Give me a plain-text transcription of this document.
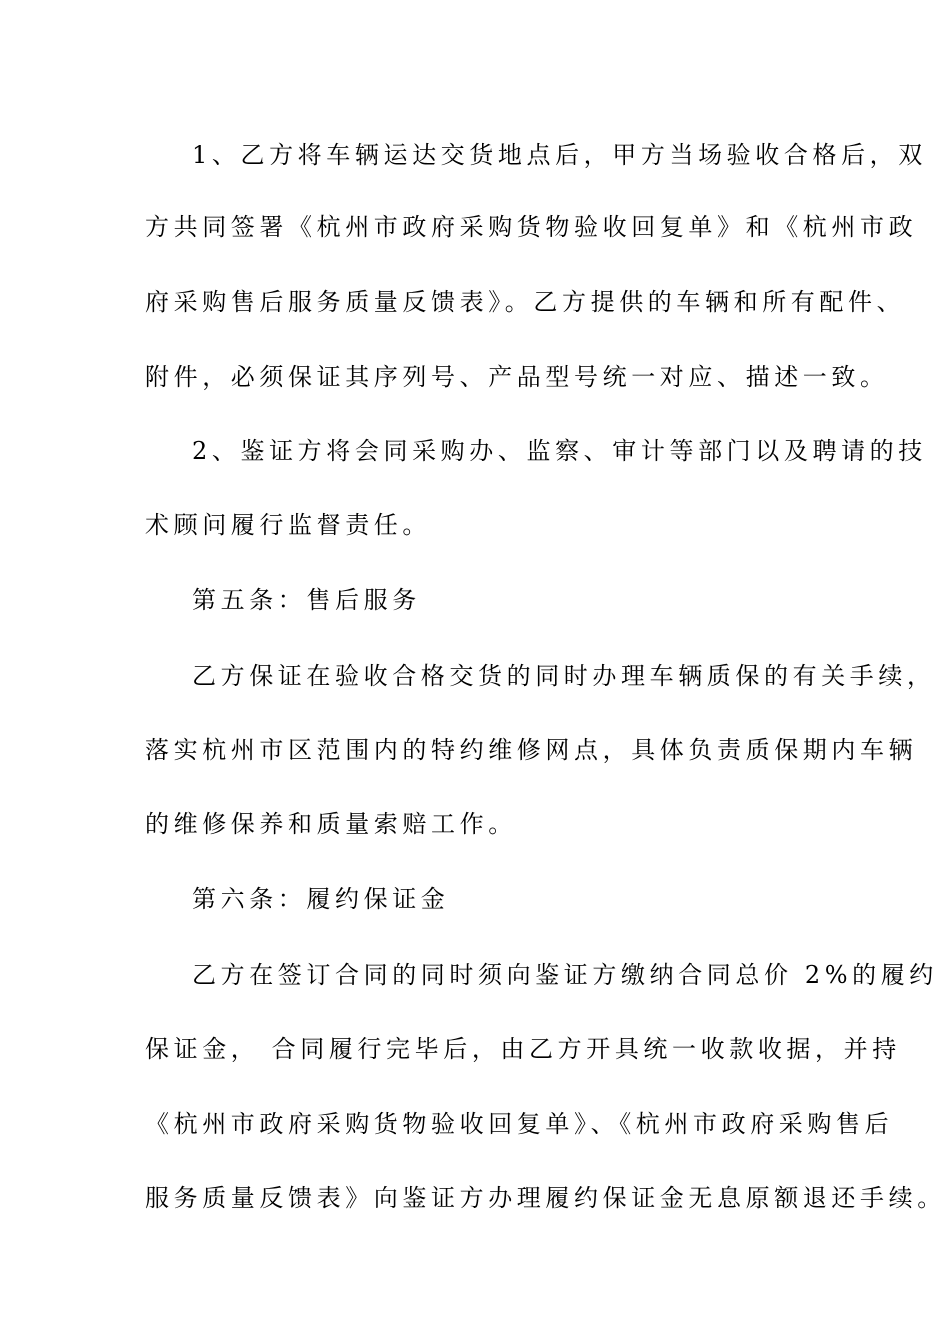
1、乙方将车辆运达交货地点后，甲方当场验收合格后，双
方共同签署《杭州市政府采购货物验收回复单》和《杭州市政
府采购售后服务质量反馈表》。乙方提供的车辆和所有配件、
附件，必须保证其序列号、产品型号统一对应、描述一致。
2、鉴证方将会同采购办、监察、审计等部门以及聘请的技
术顾问履行监督责任。
第五条：售后服务
乙方保证在验收合格交货的同时办理车辆质保的有关手续，
落实杭州市区范围内的特约维修网点，具体负责质保期内车辆
的维修保养和质量索赔工作。
第六条：履约保证金
乙方在签订合同的同时须向鉴证方缴纳合同总价 2%的履约
保证金， 合同履行完毕后，由乙方开具统一收款收据，并持
《杭州市政府采购货物验收回复单》、《杭州市政府采购售后
服务质量反馈表》向鉴证方办理履约保证金无息原额退还手续。
